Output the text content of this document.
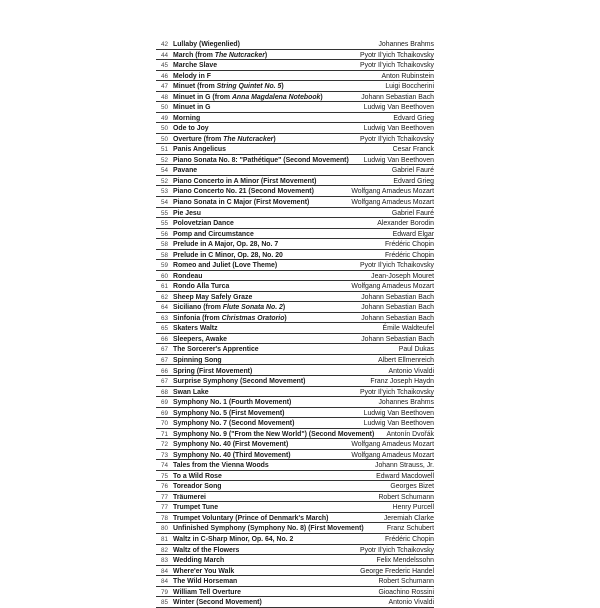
42 Lullaby (Wiegenlied)	Johannes Brahms
44 March (from The Nutcracker)	Pyotr Il'yich Tchaikovsky
45 Marche Slave	Pyotr Il'yich Tchaikovsky
46 Melody in F	Anton Rubinstein
47 Minuet (from String Quintet No. 5)	Luigi Boccherini
48 Minuet in G (from Anna Magdalena Notebook)	Johann Sebastian Bach
50 Minuet in G	Ludwig Van Beethoven
49 Morning	Edvard Grieg
50 Ode to Joy	Ludwig Van Beethoven
50 Overture (from The Nutcracker)	Pyotr Il'yich Tchaikovsky
51 Panis Angelicus	Cesar Franck
52 Piano Sonata No. 8: "Pathétique" (Second Movement) Ludwig Van Beethoven
54 Pavane	Gabriel Fauré
52 Piano Concerto in A Minor (First Movement)	Edvard Grieg
53 Piano Concerto No. 21 (Second Movement)	Wolfgang Amadeus Mozart
54 Piano Sonata in C Major (First Movement)	Wolfgang Amadeus Mozart
55 Pie Jesu	Gabriel Fauré
55 Polovetzian Dance	Alexander Borodin
56 Pomp and Circumstance	Edward Elgar
58 Prelude in A Major, Op. 28, No. 7	Frédéric Chopin
58 Prelude in C Minor, Op. 28, No. 20	Frédéric Chopin
59 Romeo and Juliet (Love Theme)	Pyotr Il'yich Tchaikovsky
60 Rondeau	Jean-Joseph Mouret
61 Rondo Alla Turca	Wolfgang Amadeus Mozart
62 Sheep May Safely Graze	Johann Sebastian Bach
64 Siciliano (from Flute Sonata No. 2)	Johann Sebastian Bach
63 Sinfonia (from Christmas Oratorio)	Johann Sebastian Bach
65 Skaters Waltz	Émile Waldteufel
66 Sleepers, Awake	Johann Sebastian Bach
67 The Sorcerer's Apprentice	Paul Dukas
67 Spinning Song	Albert Ellmenreich
66 Spring (First Movement)	Antonio Vivaldi
67 Surprise Symphony (Second Movement)	Franz Joseph Haydn
68 Swan Lake	Pyotr Il'yich Tchaikovsky
69 Symphony No. 1 (Fourth Movement)	Johannes Brahms
69 Symphony No. 5 (First Movement)	Ludwig Van Beethoven
70 Symphony No. 7 (Second Movement)	Ludwig Van Beethoven
71 Symphony No. 9 ("From the New World") (Second Movement) Antonín Dvořák
72 Symphony No. 40 (First Movement)	Wolfgang Amadeus Mozart
73 Symphony No. 40 (Third Movement)	Wolfgang Amadeus Mozart
74 Tales from the Vienna Woods	Johann Strauss, Jr.
75 To a Wild Rose	Edward Macdowell
76 Toreador Song	Georges Bizet
77 Träumerei	Robert Schumann
77 Trumpet Tune	Henry Purcell
78 Trumpet Voluntary (Prince of Denmark's March)	Jeremiah Clarke
80 Unfinished Symphony (Symphony No. 8) (First Movement)	Franz Schubert
81 Waltz in C-Sharp Minor, Op. 64, No. 2	Frédéric Chopin
82 Waltz of the Flowers	Pyotr Il'yich Tchaikovsky
83 Wedding March	Felix Mendelssohn
84 Where'er You Walk	George Frederic Handel
84 The Wild Horseman	Robert Schumann
79 William Tell Overture	Gioachino Rossini
85 Winter (Second Movement)	Antonio Vivaldi
